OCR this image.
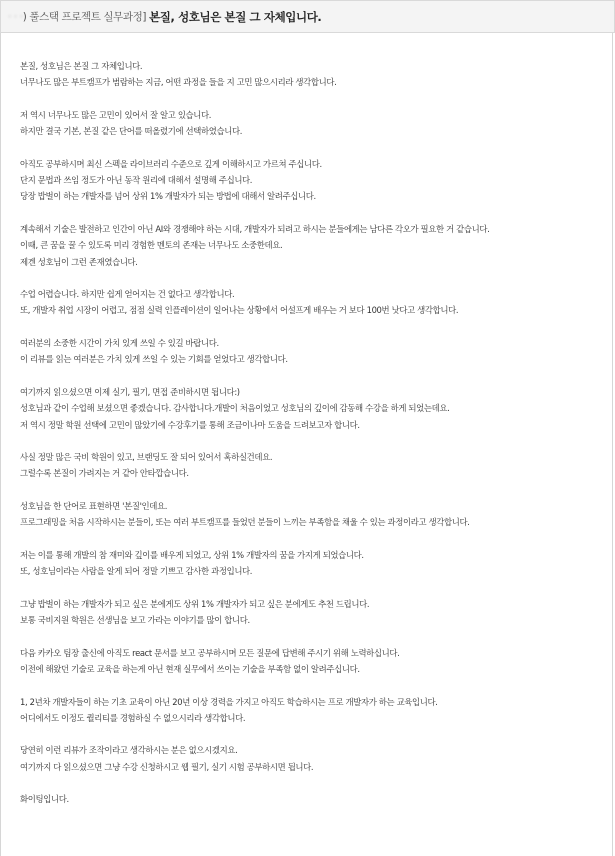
· · ·) 풀스택 프로젝트 실무과정] 본질, 성호님은 본질 그 자체입니다.
본질, 성호님은 본질 그 자체입니다.
너무나도 많은 부트캠프가 범람하는 지금, 어떤 과정을 들을 지 고민 많으시리라 생각합니다.
저 역시 너무나도 많은 고민이 있어서 잘 알고 있습니다.
하지만 결국 기본, 본질 같은 단어를 떠올렸기에 선택하였습니다.
아직도 공부하시며 최신 스펙을 라이브러리 수준으로 깊게 이해하시고 가르쳐 주십니다.
단지 문법과 쓰임 정도가 아닌 동작 원리에 대해서 설명해 주십니다.
당장 밥벌이 하는 개발자를 넘어 상위 1% 개발자가 되는 방법에 대해서 알려주십니다.
계속해서 기술은 발전하고 인간이 아닌 AI와 경쟁해야 하는 시대, 개발자가 되려고 하시는 분들에게는 남다른 각오가 필요한 거 같습니다.
이때, 큰 꿈을 꿀 수 있도록 미리 경험한 멘토의 존재는 너무나도 소중한데요.
제겐 성호님이 그런 존재였습니다.
수업 어렵습니다. 하지만 쉽게 얻어지는 건 없다고 생각합니다.
또, 개발자 취업 시장이 어렵고, 점점 실력 인플레이션이 일어나는 상황에서 어설프게 배우는 거 보다 100번 낫다고 생각합니다.
여러분의 소중한 시간이 가치 있게 쓰일 수 있길 바랍니다.
이 리뷰를 읽는 여러분은 가치 있게 쓰일 수 있는 기회를 얻었다고 생각합니다.
여기까지 읽으셨으면 이제 실기, 필기, 면접 준비하시면 됩니다:)
성호님과 같이 수업해 보셨으면 좋겠습니다. 감사합니다.개발이 처음이었고 성호님의 깊이에 감동해 수강을 하게 되었는데요.
저 역시 정말 학원 선택에 고민이 많았기에 수강후기를 통해 조금이나마 도움을 드려보고자 합니다.
사실 정말 많은 국비 학원이 있고, 브랜딩도 잘 되어 있어서 혹하실건데요.
그럴수록 본질이 가려지는 거 같아 안타깝습니다.
성호님을 한 단어로 표현하면 '본질'인데요.
프로그래밍을 처음 시작하시는 분들이, 또는 여러 부트캠프를 들었던 분들이 느끼는 부족함을 채울 수 있는 과정이라고 생각합니다.
저는 이를 통해 개발의 참 재미와 깊이를 배우게 되었고, 상위 1% 개발자의 꿈을 가지게 되었습니다.
또, 성호님이라는 사람을 알게 되어 정말 기쁘고 감사한 과정입니다.
그냥 밥벌이 하는 개발자가 되고 싶은 분에게도 상위 1% 개발자가 되고 싶은 분에게도 추천 드립니다.
보통 국비지원 학원은 선생님을 보고 가라는 이야기를 많이 합니다.
다음 카카오 팀장 출신에 아직도 react 문서를 보고 공부하시며 모든 질문에 답변해 주시기 위해 노력하십니다.
이전에 해왔던 기술로 교육을 하는게 아닌 현재 실무에서 쓰이는 기술을 부족함 없이 알려주십니다.
1, 2년차 개발자들이 하는 기초 교육이 아닌 20년 이상 경력을 가지고 아직도 학습하시는 프로 개발자가 하는 교육입니다.
어디에서도 이정도 퀄리티를 경험하실 수 없으시리라 생각합니다.
당연히 이런 리뷰가 조작이라고 생각하시는 분은 없으시겠지요.
여기까지 다 읽으셨으면 그냥 수강 신청하시고 웹 필기, 실기 시험 공부하시면 됩니다.
화이팅입니다.
